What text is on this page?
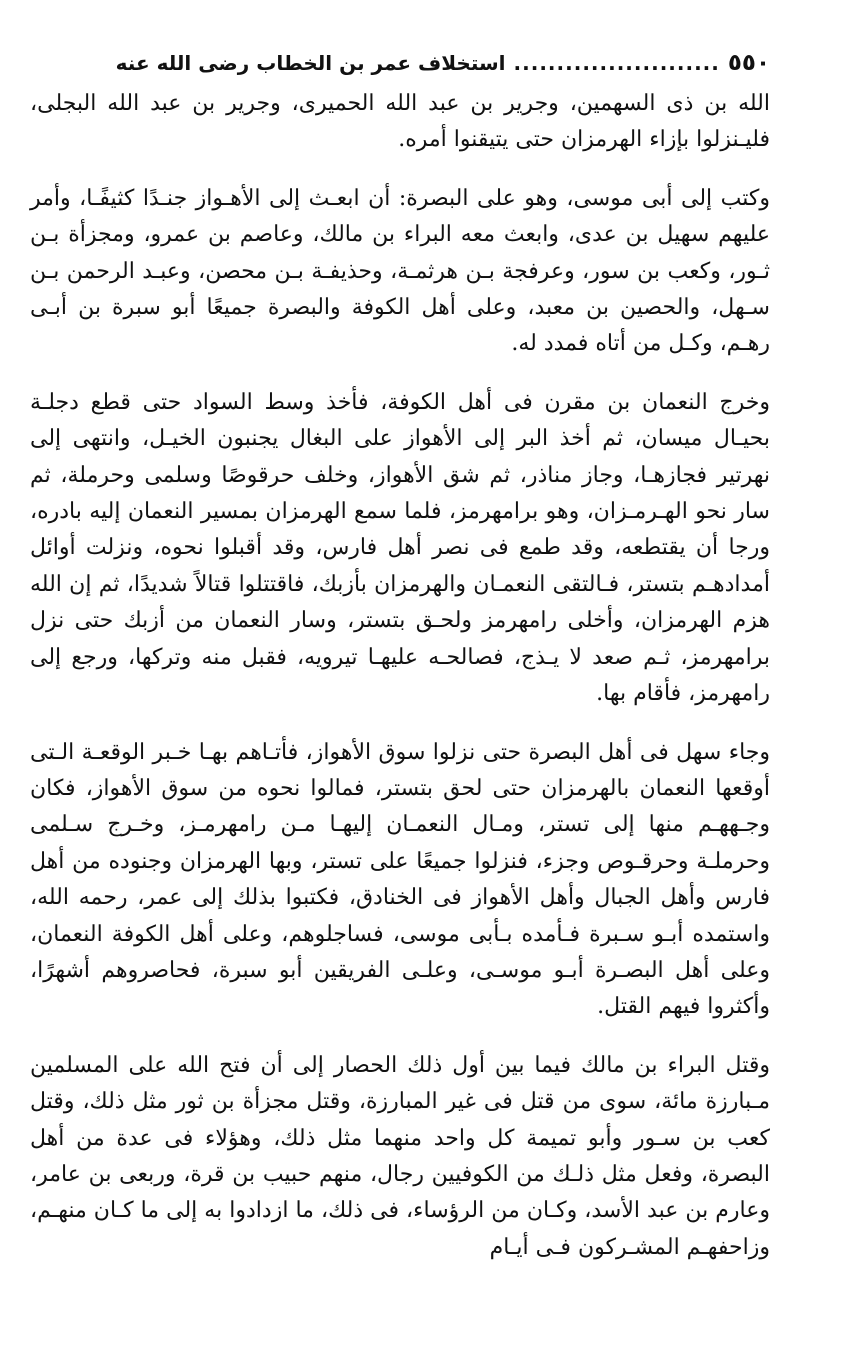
٥٥٠
........................
استخلاف عمر بن الخطاب رضى الله عنه

الله بن ذى السهمين، وجرير بن عبد الله الحميرى، وجرير بن عبد الله البجلى، فليـنزلوا بإزاء الهرمزان حتى يتيقنوا أمره.

وكتب إلى أبى موسى، وهو على البصرة: أن ابعـث إلى الأهـواز جنـدًا كثيفًـا، وأمر عليهم سهيل بن عدى، وابعث معه البراء بن مالك، وعاصم بن عمرو، ومجزأة بـن ثـور، وكعب بن سور، وعرفجة بـن هرثمـة، وحذيفـة بـن محصن، وعبـد الرحمن بـن سـهل، والحصين بن معبد، وعلى أهل الكوفة والبصرة جميعًا أبو سبرة بن أبـى رهـم، وكـل من أتاه فمدد له.

وخرج النعمان بن مقرن فى أهل الكوفة، فأخذ وسط السواد حتى قطع دجلـة بحيـال ميسان، ثم أخذ البر إلى الأهواز على البغال يجنبون الخيـل، وانتهى إلى نهرتير فجازهـا، وجاز مناذر، ثم شق الأهواز، وخلف حرقوصًا وسلمى وحرملة، ثم سار نحو الهـرمـزان، وهو برامهرمز، فلما سمع الهرمزان بمسير النعمان إليه بادره، ورجا أن يقتطعه، وقد طمع فى نصر أهل فارس، وقد أقبلوا نحوه، ونزلت أوائل أمدادهـم بتستر، فـالتقى النعمـان والهرمزان بأزبك، فاقتتلوا قتالاً شديدًا، ثم إن الله هزم الهرمزان، وأخلى رامهرمز ولحـق بتستر، وسار النعمان من أزبك حتى نزل برامهرمز، ثـم صعد لا يـذج، فصالحـه عليهـا تيرويه، فقبل منه وتركها، ورجع إلى رامهرمز، فأقام بها.

وجاء سهل فى أهل البصرة حتى نزلوا سوق الأهواز، فأتـاهم بهـا خـبر الوقعـة الـتى أوقعها النعمان بالهرمزان حتى لحق بتستر، فمالوا نحوه من سوق الأهواز، فكان وجـههـم منها إلى تستر، ومـال النعمـان إليهـا مـن رامهرمـز، وخـرج سـلمى وحرملـة وحرقـوص وجزء، فنزلوا جميعًا على تستر، وبها الهرمزان وجنوده من أهل فارس وأهل الجبال وأهل الأهواز فى الخنادق، فكتبوا بذلك إلى عمر، رحمه الله، واستمده أبـو سـبرة فـأمده بـأبى موسى، فساجلوهم، وعلى أهل الكوفة النعمان، وعلى أهل البصـرة أبـو موسـى، وعلـى الفريقين أبو سبرة، فحاصروهم أشهرًا، وأكثروا فيهم القتل.

وقتل البراء بن مالك فيما بين أول ذلك الحصار إلى أن فتح الله على المسلمين مـبارزة مائة، سوى من قتل فى غير المبارزة، وقتل مجزأة بن ثور مثل ذلك، وقتل كعب بن سـور وأبو تميمة كل واحد منهما مثل ذلك، وهؤلاء فى عدة من أهل البصرة، وفعل مثل ذلـك من الكوفيين رجال، منهم حبيب بن قرة، وربعى بن عامر، وعارم بن عبد الأسد، وكـان من الرؤساء، فى ذلك، ما ازدادوا به إلى ما كـان منهـم، وزاحفهـم المشـركون فـى أيـام
